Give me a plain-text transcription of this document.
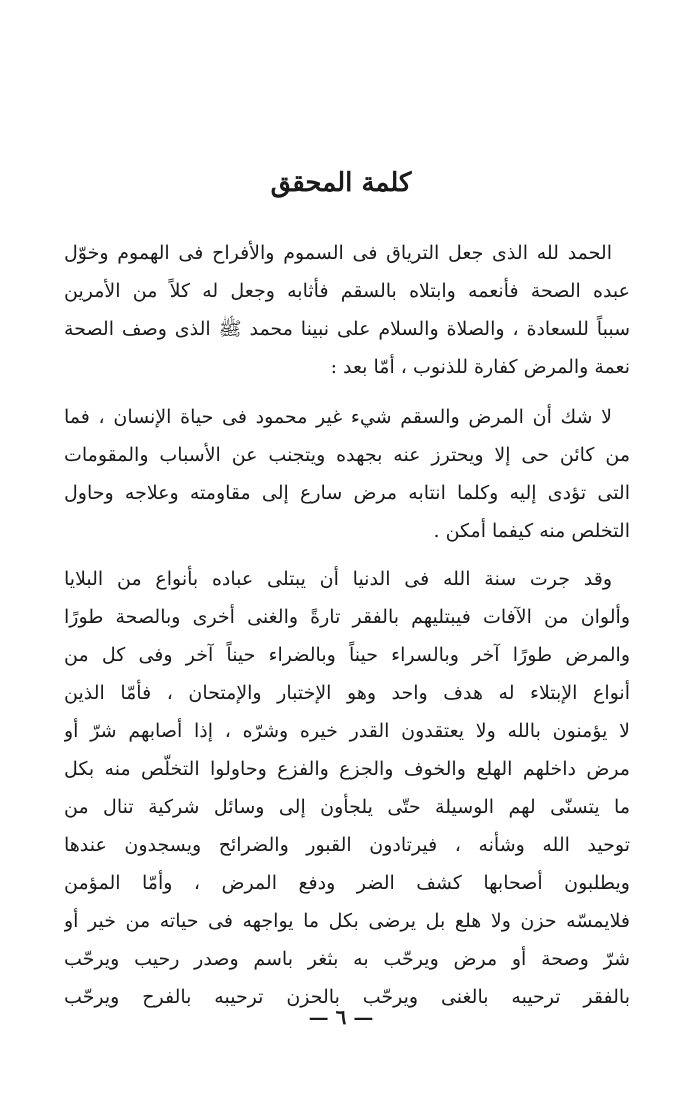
كلمة المحقق
الحمد لله الذى جعل الترياق فى السموم والأفراح فى الهموم وخوّل
عبده الصحة فأنعمه وابتلاه بالسقم فأثابه وجعل له كلاً من الأمرين
سبباً للسعادة ، والصلاة والسلام على نبينا محمد ﷺ الذى وصف الصحة
نعمة والمرض كفارة للذنوب ، أمّا بعد :
لا شك أن المرض والسقم شيء غير محمود فى حياة الإنسان ، فما
من كائن حى إلا ويحترز عنه بجهده ويتجنب عن الأسباب والمقومات
التى تؤدى إليه وكلما انتابه مرض سارع إلى مقاومته وعلاجه وحاول
التخلص منه كيفما أمكن .
وقد جرت سنة الله فى الدنيا أن يبتلى عباده بأنواع من البلايا
وألوان من الآفات فيبتليهم بالفقر تارةً والغنى أخرى وبالصحة طورًا
والمرض طورًا آخر وبالسراء حيناً وبالضراء حيناً آخر وفى كل من
أنواع الإبتلاء له هدف واحد وهو الإختبار والإمتحان ، فأمّا الذين
لا يؤمنون بالله ولا يعتقدون القدر خيره وشرّه ، إذا أصابهم شرّ أو
مرض داخلهم الهلع والخوف والجزع والفزع وحاولوا التخلّص منه بكل
ما يتسنّى لهم الوسيلة حتّى يلجأون إلى وسائل شركية تنال من
توحيد الله وشأنه ، فيرتادون القبور والضرائح ويسجدون عندها
ويطلبون أصحابها كشف الضر ودفع المرض ، وأمّا المؤمن
فلايمسّه حزن ولا هلع بل يرضى بكل ما يواجهه فى حياته من خير أو
شرّ وصحة أو مرض ويرحّب به بثغر باسم وصدر رحيب ويرحّب
بالفقر ترحيبه بالغنى ويرحّب بالحزن ترحيبه بالفرح ويرحّب
— ٦ —
